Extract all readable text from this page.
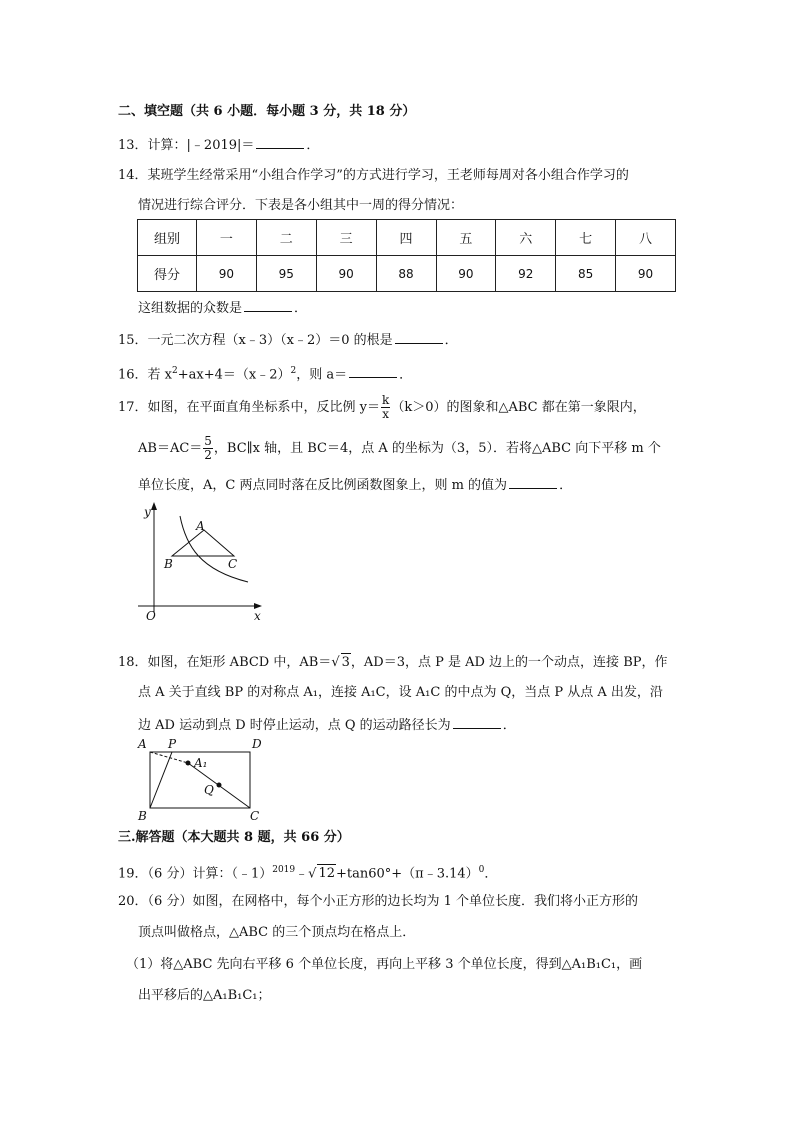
二、填空题（共 6 小题．每小题 3 分，共 18 分）
13．计算：|﹣2019|＝	．
14．某班学生经常采用“小组合作学习”的方式进行学习，王老师每周对各小组合作学习的
情况进行综合评分．下表是各小组其中一周的得分情况：
组别	一	二	三	四	五	六	七	八
得分	90	95	90	88	90	92	85	90
这组数据的众数是	．
15．一元二次方程（x﹣3）（x﹣2）＝0 的根是	．
16．若 $x^2+ax+4=(x﹣2)^2$，则 a＝	．
17．如图，在平面直角坐标系中，反比例 $y= \frac{k}{x} (k>0)$的图象和△ABC 都在第一象限内，
$AB=AC= \frac{5}{2}$ ，BC∥x 轴，且 BC＝4，点 A 的坐标为（3，5）．若将△ABC 向下平移 m 个
单位长度，A，C 两点同时落在反比例函数图象上，则 m 的值为	．
y
x
O
A
B	C
18．如图，在矩形 ABCD 中，AB＝√ 3，AD＝3，点 P 是 AD 边上的一个动点，连接 BP，作
点 A 关于直线 BP 的对称点 A₁，连接 A₁C，设 A₁C 的中点为 Q，当点 P 从点 A 出发，沿
边 AD 运动到点 D 时停止运动，点 Q 的运动路径长为	．
A P	D
A₁
Q
B	C
三.解答题（本大题共 8 题，共 66 分）
19．（6 分）计算：（﹣1）$^{2019}$﹣√ 12+tan60°+（π﹣3.14）$^0$．
20．（6 分）如图，在网格中，每个小正方形的边长均为 1 个单位长度．我们将小正方形的
顶点叫做格点，△ABC 的三个顶点均在格点上．
（1）将△ABC 先向右平移 6 个单位长度，再向上平移 3 个单位长度，得到△A₁B₁C₁，画
出平移后的△A₁B₁C₁；
